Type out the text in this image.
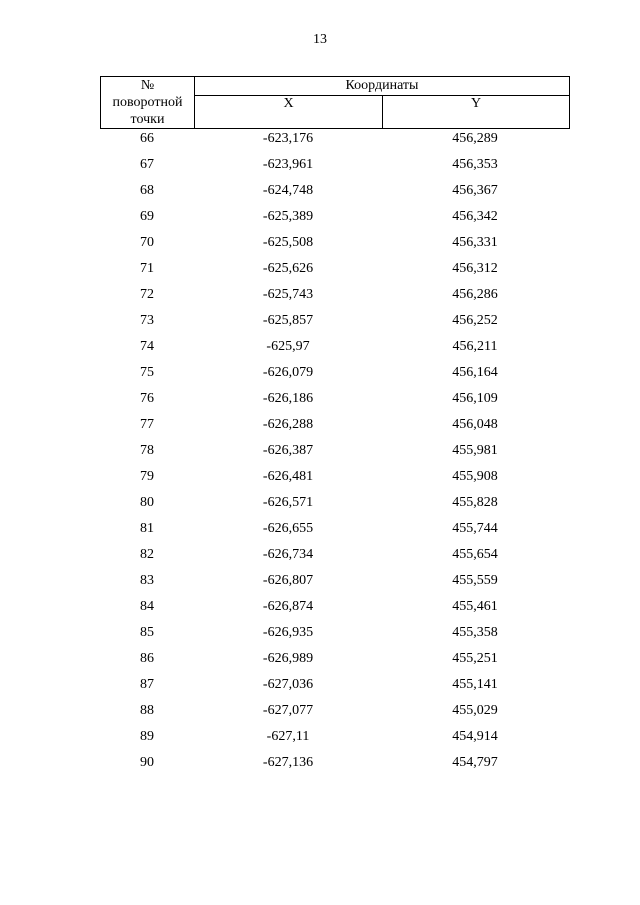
13
№
поворотной
точки
Координаты
X	Y
66	-623,176	456,289
67	-623,961	456,353
68	-624,748	456,367
69	-625,389	456,342
70	-625,508	456,331
71	-625,626	456,312
72	-625,743	456,286
73	-625,857	456,252
74	-625,97	456,211
75	-626,079	456,164
76	-626,186	456,109
77	-626,288	456,048
78	-626,387	455,981
79	-626,481	455,908
80	-626,571	455,828
81	-626,655	455,744
82	-626,734	455,654
83	-626,807	455,559
84	-626,874	455,461
85	-626,935	455,358
86	-626,989	455,251
87	-627,036	455,141
88	-627,077	455,029
89	-627,11	454,914
90	-627,136	454,797
